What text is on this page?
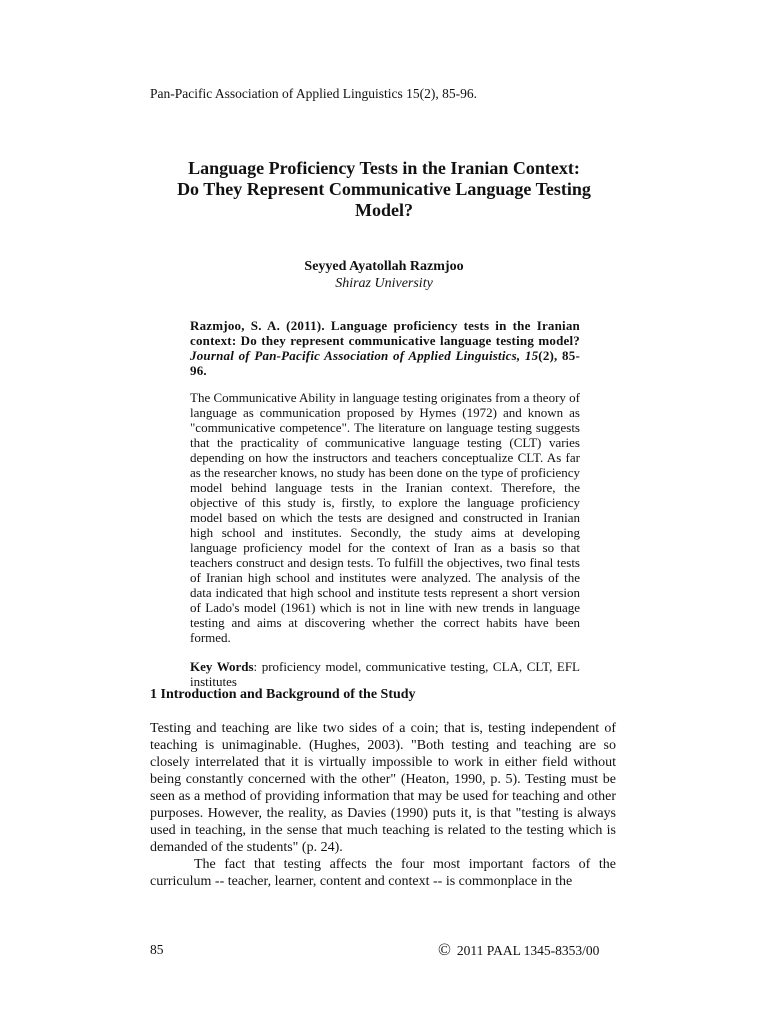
Pan-Pacific Association of Applied Linguistics 15(2), 85-96.
Language Proficiency Tests in the Iranian Context:
Do They Represent Communicative Language Testing
Model?
Seyyed Ayatollah Razmjoo
Shiraz University
Razmjoo, S. A. (2011). Language proficiency tests in the Iranian context: Do they represent communicative language testing model? Journal of Pan-Pacific Association of Applied Linguistics, 15(2), 85-96.
The Communicative Ability in language testing originates from a theory of language as communication proposed by Hymes (1972) and known as "communicative competence". The literature on language testing suggests that the practicality of communicative language testing (CLT) varies depending on how the instructors and teachers conceptualize CLT. As far as the researcher knows, no study has been done on the type of proficiency model behind language tests in the Iranian context. Therefore, the objective of this study is, firstly, to explore the language proficiency model based on which the tests are designed and constructed in Iranian high school and institutes. Secondly, the study aims at developing language proficiency model for the context of Iran as a basis so that teachers construct and design tests. To fulfill the objectives, two final tests of Iranian high school and institutes were analyzed. The analysis of the data indicated that high school and institute tests represent a short version of Lado's model (1961) which is not in line with new trends in language testing and aims at discovering whether the correct habits have been formed.
Key Words: proficiency model, communicative testing, CLA, CLT, EFL institutes
1 Introduction and Background of the Study

Testing and teaching are like two sides of a coin; that is, testing independent of teaching is unimaginable. (Hughes, 2003). "Both testing and teaching are so closely interrelated that it is virtually impossible to work in either field without being constantly concerned with the other" (Heaton, 1990, p. 5). Testing must be seen as a method of providing information that may be used for teaching and other purposes. However, the reality, as Davies (1990) puts it, is that "testing is always used in teaching, in the sense that much teaching is related to the testing which is demanded of the students" (p. 24).

The fact that testing affects the four most important factors of the curriculum -- teacher, learner, content and context -- is commonplace in the

85	© 2011 PAAL 1345-8353/00
